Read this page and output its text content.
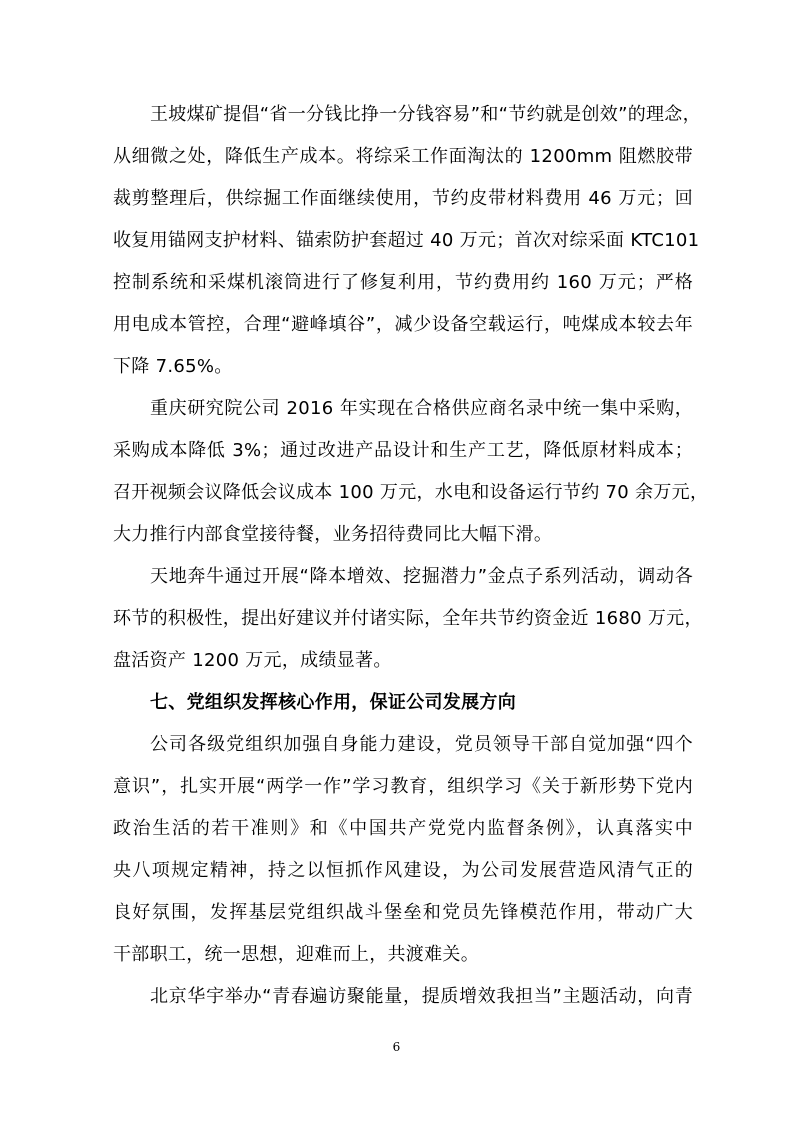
王坡煤矿提倡“省一分钱比挣一分钱容易”和“节约就是创效”的理念，
从细微之处，降低生产成本。将综采工作面淘汰的 1200mm 阻燃胶带
裁剪整理后，供综掘工作面继续使用，节约皮带材料费用 46 万元；回
收复用锚网支护材料、锚索防护套超过 40 万元；首次对综采面 KTC101
控制系统和采煤机滚筒进行了修复利用，节约费用约 160 万元；严格
用电成本管控，合理“避峰填谷”，减少设备空载运行，吨煤成本较去年
下降 7.65%。
重庆研究院公司 2016 年实现在合格供应商名录中统一集中采购，
采购成本降低 3%；通过改进产品设计和生产工艺，降低原材料成本；
召开视频会议降低会议成本 100 万元，水电和设备运行节约 70 余万元，
大力推行内部食堂接待餐，业务招待费同比大幅下滑。
天地奔牛通过开展“降本增效、挖掘潜力”金点子系列活动，调动各
环节的积极性，提出好建议并付诸实际，全年共节约资金近 1680 万元，
盘活资产 1200 万元，成绩显著。
七、党组织发挥核心作用，保证公司发展方向
公司各级党组织加强自身能力建设，党员领导干部自觉加强“四个
意识”，扎实开展“两学一作”学习教育，组织学习《关于新形势下党内
政治生活的若干准则》和《中国共产党党内监督条例》，认真落实中
央八项规定精神，持之以恒抓作风建设，为公司发展营造风清气正的
良好氛围，发挥基层党组织战斗堡垒和党员先锋模范作用，带动广大
干部职工，统一思想，迎难而上，共渡难关。
北京华宇举办“青春遍访聚能量，提质增效我担当”主题活动，向青
6
